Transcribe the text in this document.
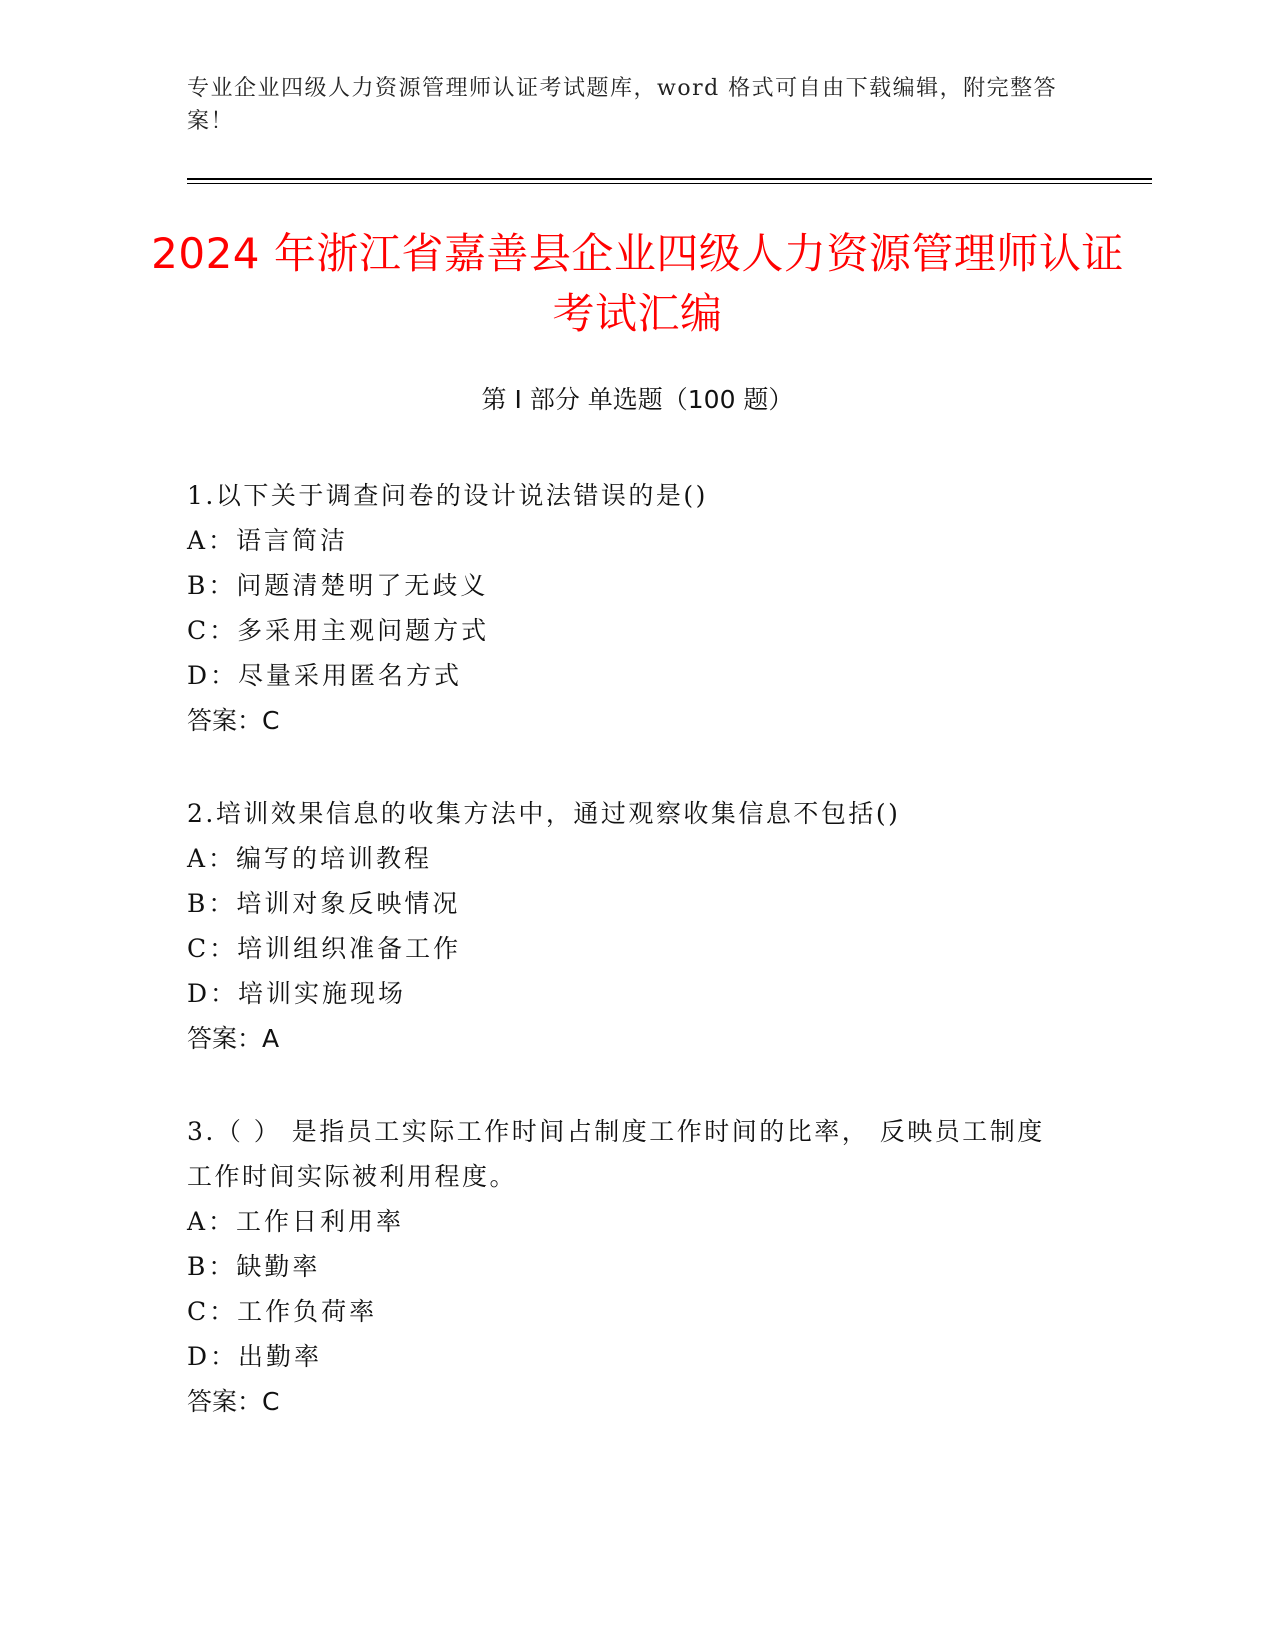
专业企业四级人力资源管理师认证考试题库，word 格式可自由下载编辑，附完整答案！
2024 年浙江省嘉善县企业四级人力资源管理师认证考试汇编
第 I 部分 单选题（100 题）
1.以下关于调查问卷的设计说法错误的是()
A：语言简洁
B：问题清楚明了无歧义
C：多采用主观问题方式
D：尽量采用匿名方式
答案：C
2.培训效果信息的收集方法中，通过观察收集信息不包括()
A：编写的培训教程
B：培训对象反映情况
C：培训组织准备工作
D：培训实施现场
答案：A
3.（ ） 是指员工实际工作时间占制度工作时间的比率， 反映员工制度工作时间实际被利用程度。
A：工作日利用率
B：缺勤率
C：工作负荷率
D：出勤率
答案：C
